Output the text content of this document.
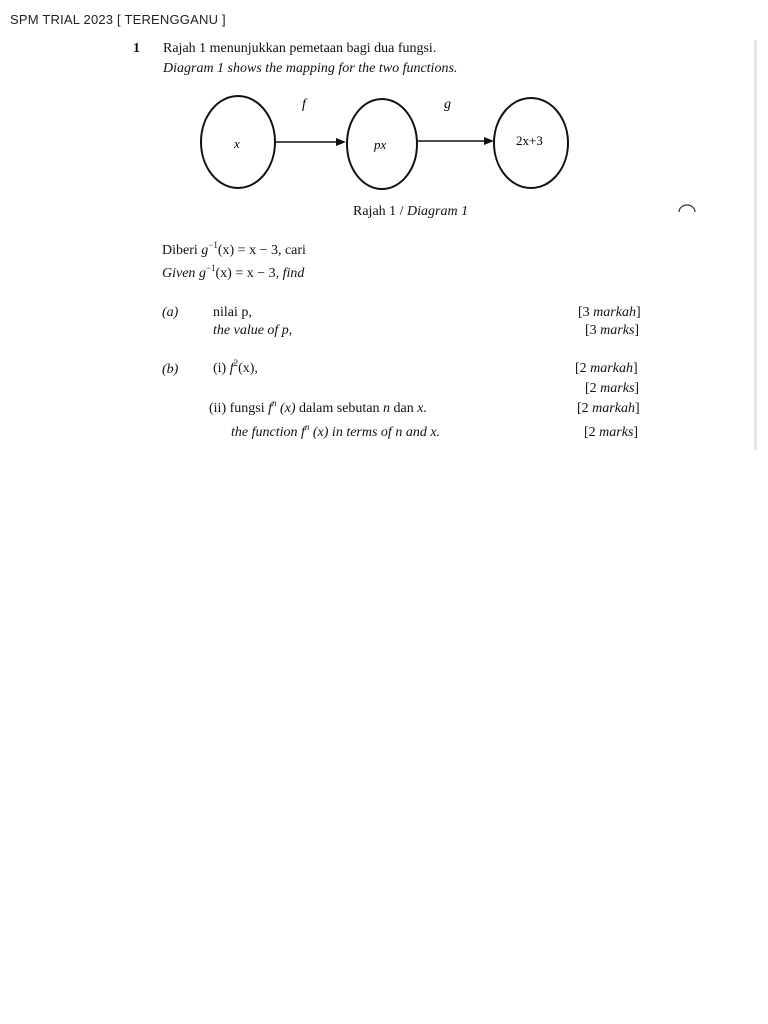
SPM TRIAL 2023 [ TERENGGANU ]
1 Rajah 1 menunjukkan pemetaan bagi dua fungsi.
Diagram 1 shows the mapping for the two functions.
f	g
x	px	2x+3
Rajah 1 / Diagram 1
Diberi $g^{-1}(x) = x - 3$, cari
Given $g^{-1}(x) = x - 3$, find
(a) nilai p,
the value of p,
[3 markah]
[3 marks]
(b) (i) $f^2(x)$,	[2 markah]
[2 marks]
(ii) fungsi $f^n$ (x) dalam sebutan n dan x.	[2 markah]
the function $f^n$ (x) in terms of n and x.	[2 marks]
